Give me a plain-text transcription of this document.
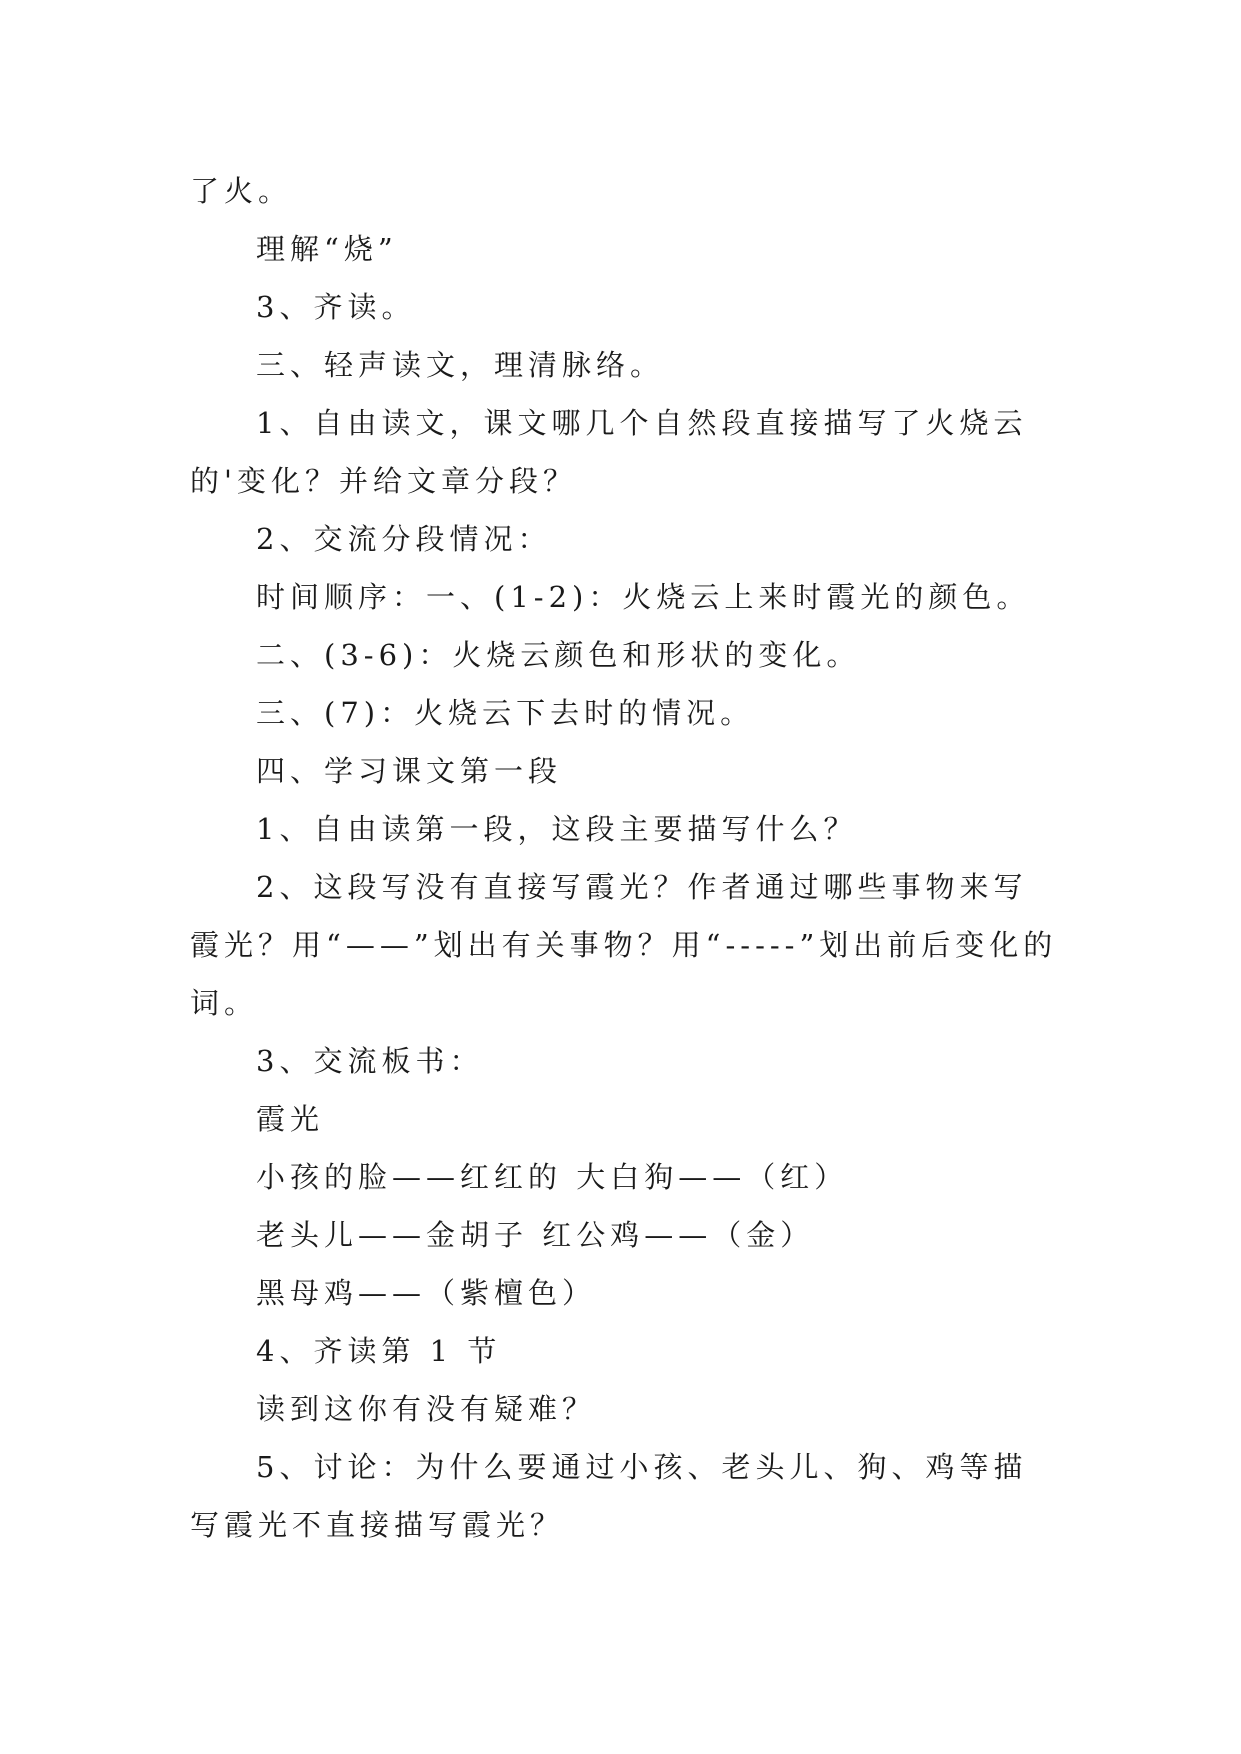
了火。

理解“烧”

3、齐读。

三、轻声读文，理清脉络。

1、自由读文，课文哪几个自然段直接描写了火烧云的'变化？并给文章分段？

2、交流分段情况：

时间顺序：一、(1-2)：火烧云上来时霞光的颜色。

二、(3-6)：火烧云颜色和形状的变化。

三、(7)：火烧云下去时的情况。

四、学习课文第一段

1、自由读第一段，这段主要描写什么？

2、这段写没有直接写霞光？作者通过哪些事物来写霞光？用“——”划出有关事物？用“-----”划出前后变化的词。

3、交流板书：

霞光

小孩的脸——红红的 大白狗——（红）

老头儿——金胡子 红公鸡——（金）

黑母鸡——（紫檀色）

4、齐读第 1 节

读到这你有没有疑难？

5、讨论：为什么要通过小孩、老头儿、狗、鸡等描写霞光不直接描写霞光？
